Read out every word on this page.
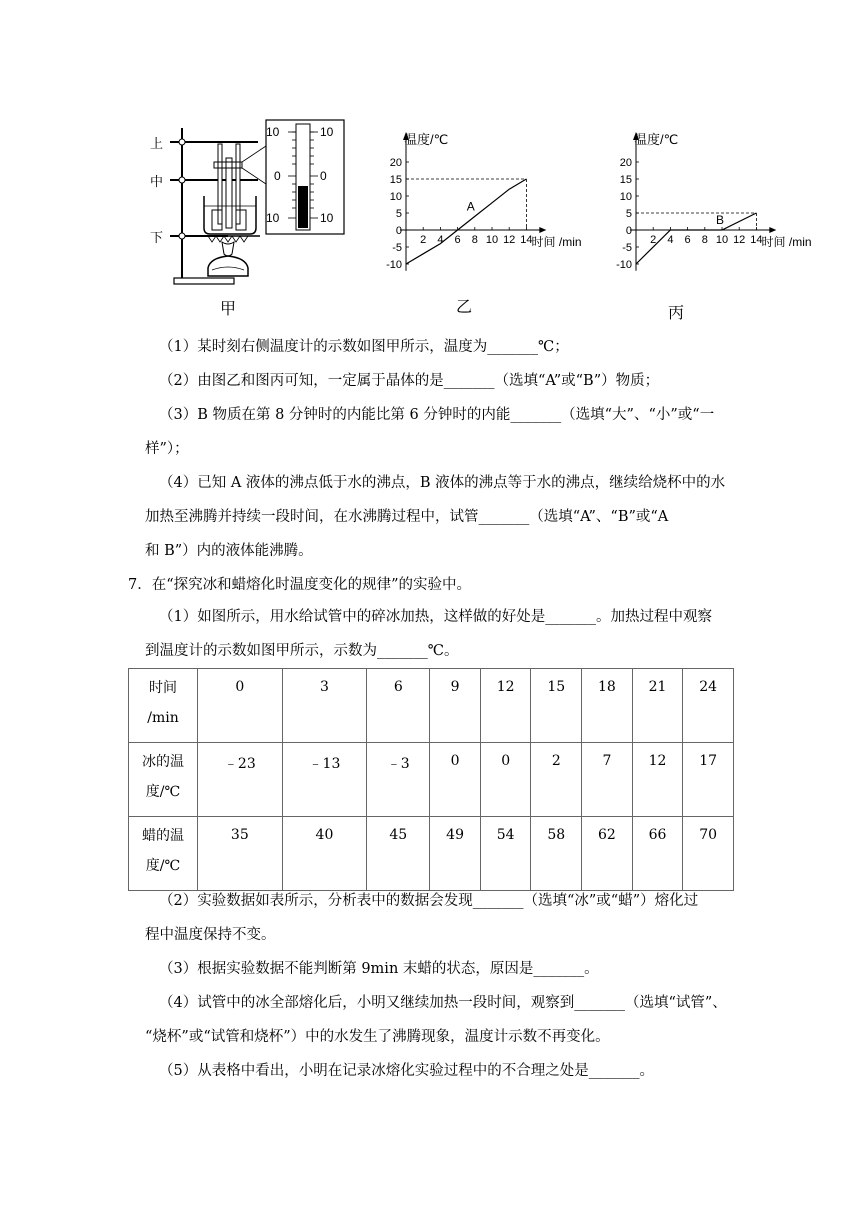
10	10
0	0
10	10
上
中
下
甲
-10
-5
0
5
10
15
20
2 4 6 8 10 12 14
温度/℃
时间 /min
A
乙
-10
-5
0
5
10
15
20
2 4 6 8 10 12 14
温度/℃
时间 /min
B
丙
（1）某时刻右侧温度计的示数如图甲所示，温度为_______℃；
（2）由图乙和图丙可知，一定属于晶体的是_______（选填“A”或“B”）物质；
（3）B 物质在第 8 分钟时的内能比第 6 分钟时的内能_______（选填“大”、“小”或“一
样”）；
（4）已知 A 液体的沸点低于水的沸点，B 液体的沸点等于水的沸点，继续给烧杯中的水
加热至沸腾并持续一段时间，在水沸腾过程中，试管_______（选填“A”、“B”或“A
和 B”）内的液体能沸腾。
7．在“探究冰和蜡熔化时温度变化的规律”的实验中。
（1）如图所示，用水给试管中的碎冰加热，这样做的好处是_______。加热过程中观察
到温度计的示数如图甲所示，示数为_______℃。
时间
/min	0	3	6	9	12	15	18	21	24

冰的温
度/℃	﹣23	﹣13	﹣3	0	0	2	7	12	17

蜡的温
度/℃	35	40	45	49	54	58	62	66	70
（2）实验数据如表所示，分析表中的数据会发现_______（选填“冰”或“蜡”）熔化过
程中温度保持不变。
（3）根据实验数据不能判断第 9min 末蜡的状态，原因是_______。
（4）试管中的冰全部熔化后，小明又继续加热一段时间，观察到_______（选填“试管”、
“烧杯”或“试管和烧杯”）中的水发生了沸腾现象，温度计示数不再变化。
（5）从表格中看出，小明在记录冰熔化实验过程中的不合理之处是_______。
